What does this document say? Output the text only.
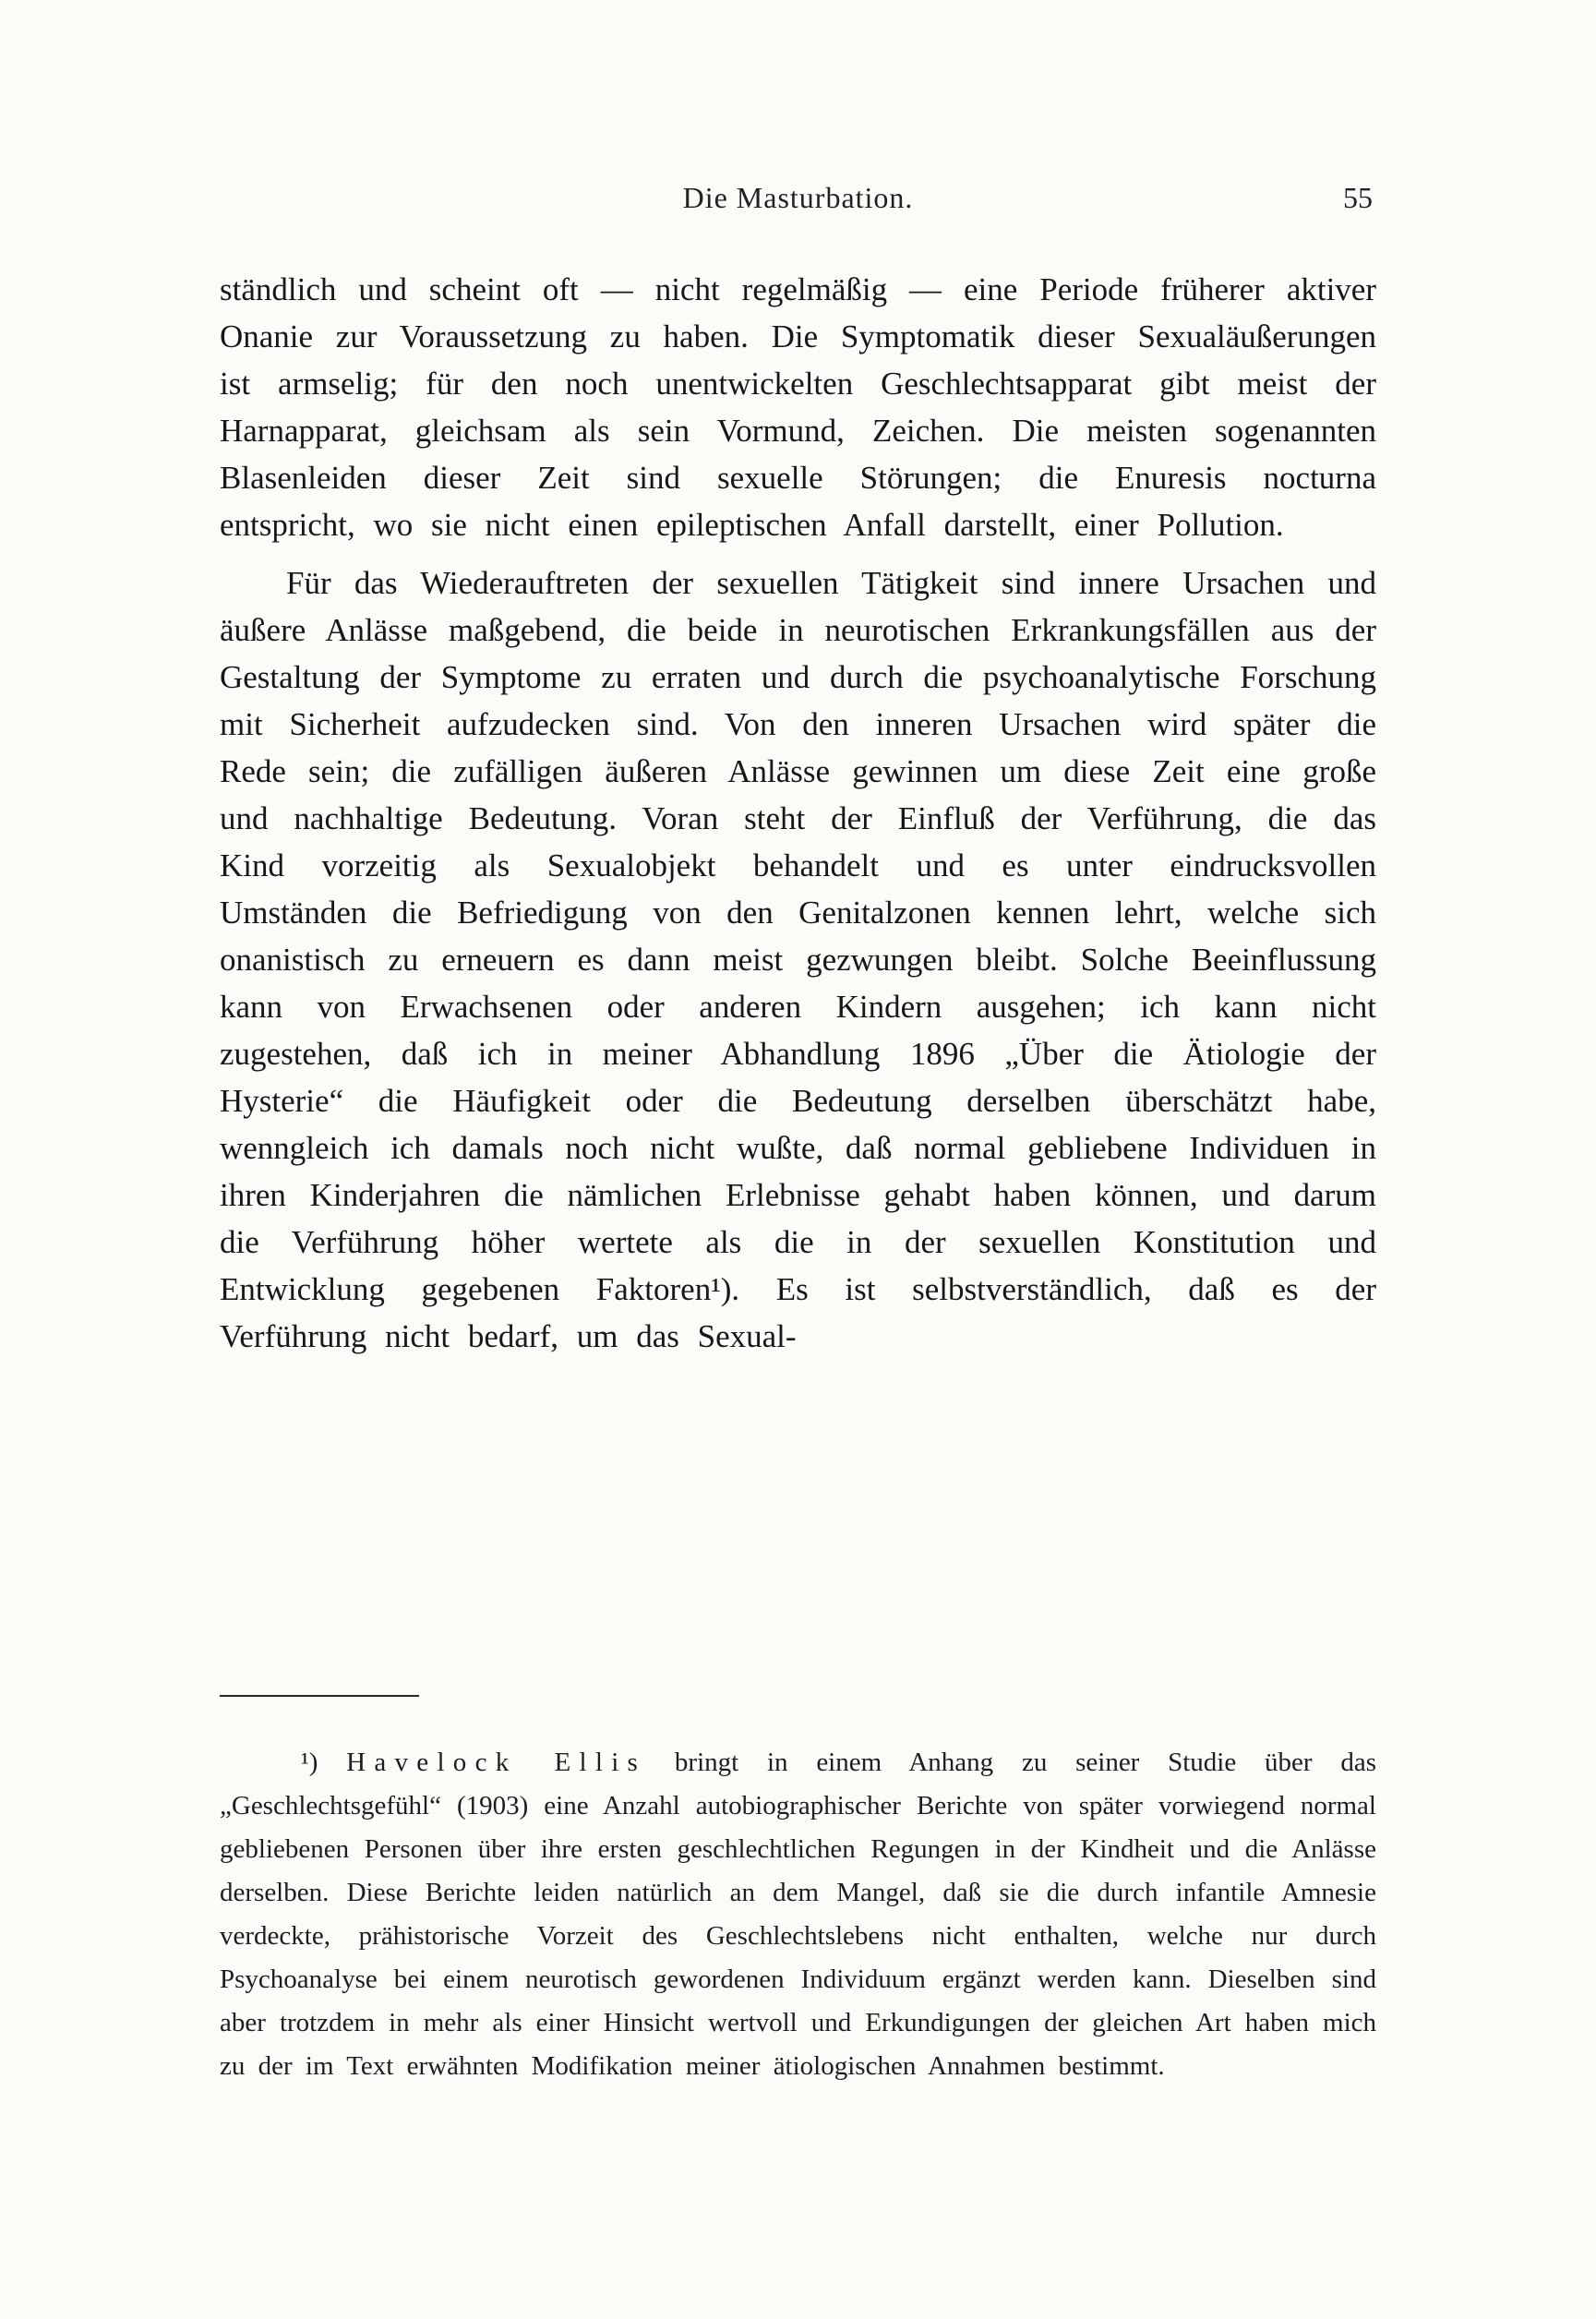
Die Masturbation.	55

ständlich und scheint oft — nicht regelmäßig — eine Periode früherer aktiver Onanie zur Voraussetzung zu haben. Die Symptomatik dieser Sexualäußerungen ist armselig; für den noch unentwickelten Geschlechtsapparat gibt meist der Harnapparat, gleichsam als sein Vormund, Zeichen. Die meisten sogenannten Blasenleiden dieser Zeit sind sexuelle Störungen; die Enuresis nocturna entspricht, wo sie nicht einen epileptischen Anfall darstellt, einer Pollution.

Für das Wiederauftreten der sexuellen Tätigkeit sind innere Ursachen und äußere Anlässe maßgebend, die beide in neurotischen Erkrankungsfällen aus der Gestaltung der Symptome zu erraten und durch die psychoanalytische Forschung mit Sicherheit aufzudecken sind. Von den inneren Ursachen wird später die Rede sein; die zufälligen äußeren Anlässe gewinnen um diese Zeit eine große und nachhaltige Bedeutung. Voran steht der Einfluß der Verführung, die das Kind vorzeitig als Sexualobjekt behandelt und es unter eindrucksvollen Umständen die Befriedigung von den Genitalzonen kennen lehrt, welche sich onanistisch zu erneuern es dann meist gezwungen bleibt. Solche Beeinflussung kann von Erwachsenen oder anderen Kindern ausgehen; ich kann nicht zugestehen, daß ich in meiner Abhandlung 1896 „Über die Ätiologie der Hysterie“ die Häufigkeit oder die Bedeutung derselben überschätzt habe, wenngleich ich damals noch nicht wußte, daß normal gebliebene Individuen in ihren Kinderjahren die nämlichen Erlebnisse gehabt haben können, und darum die Verführung höher wertete als die in der sexuellen Konstitution und Entwicklung gegebenen Faktoren¹). Es ist selbstverständlich, daß es der Verführung nicht bedarf, um das Sexual-

¹) Havelock Ellis bringt in einem Anhang zu seiner Studie über das „Geschlechtsgefühl“ (1903) eine Anzahl autobiographischer Berichte von später vorwiegend normal gebliebenen Personen über ihre ersten geschlechtlichen Regungen in der Kindheit und die Anlässe derselben. Diese Berichte leiden natürlich an dem Mangel, daß sie die durch infantile Amnesie verdeckte, prähistorische Vorzeit des Geschlechtslebens nicht enthalten, welche nur durch Psychoanalyse bei einem neurotisch gewordenen Individuum ergänzt werden kann. Dieselben sind aber trotzdem in mehr als einer Hinsicht wertvoll und Erkundigungen der gleichen Art haben mich zu der im Text erwähnten Modifikation meiner ätiologischen Annahmen bestimmt.
